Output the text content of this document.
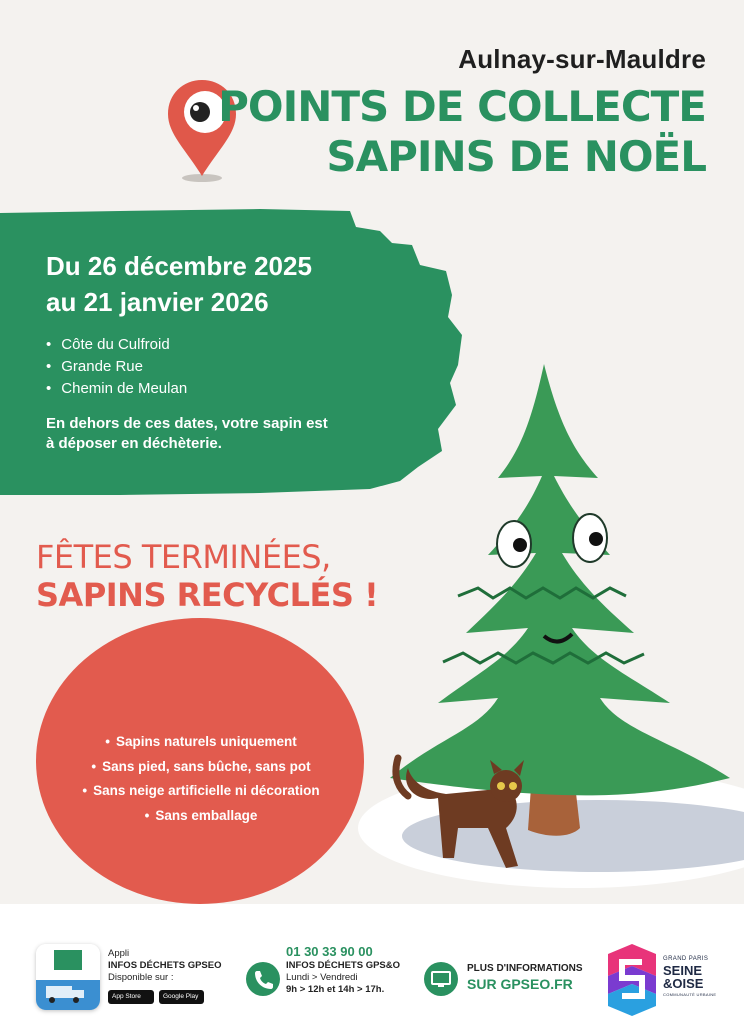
Aulnay-sur-Mauldre
POINTS DE COLLECTE
SAPINS DE NOËL
Du 26 décembre 2025
au 21 janvier 2026
• Côte du Culfroid
• Grande Rue
• Chemin de Meulan
En dehors de ces dates, votre sapin est à déposer en déchèterie.
FÊTES TERMINÉES,
SAPINS RECYCLÉS !
• Sapins naturels uniquement
• Sans pied, sans bûche, sans pot
• Sans neige artificielle ni décoration
• Sans emballage
Appli
INFOS DÉCHETS GPSEO
Disponible sur :
App Store	Google Play
01 30 33 90 00
INFOS DÉCHETS GPS&O
Lundi > Vendredi
9h > 12h et 14h > 17h.
PLUS D'INFORMATIONS
SUR GPSEO.FR
GRAND PARIS
SEINE
&OISE
COMMUNAUTÉ URBAINE
